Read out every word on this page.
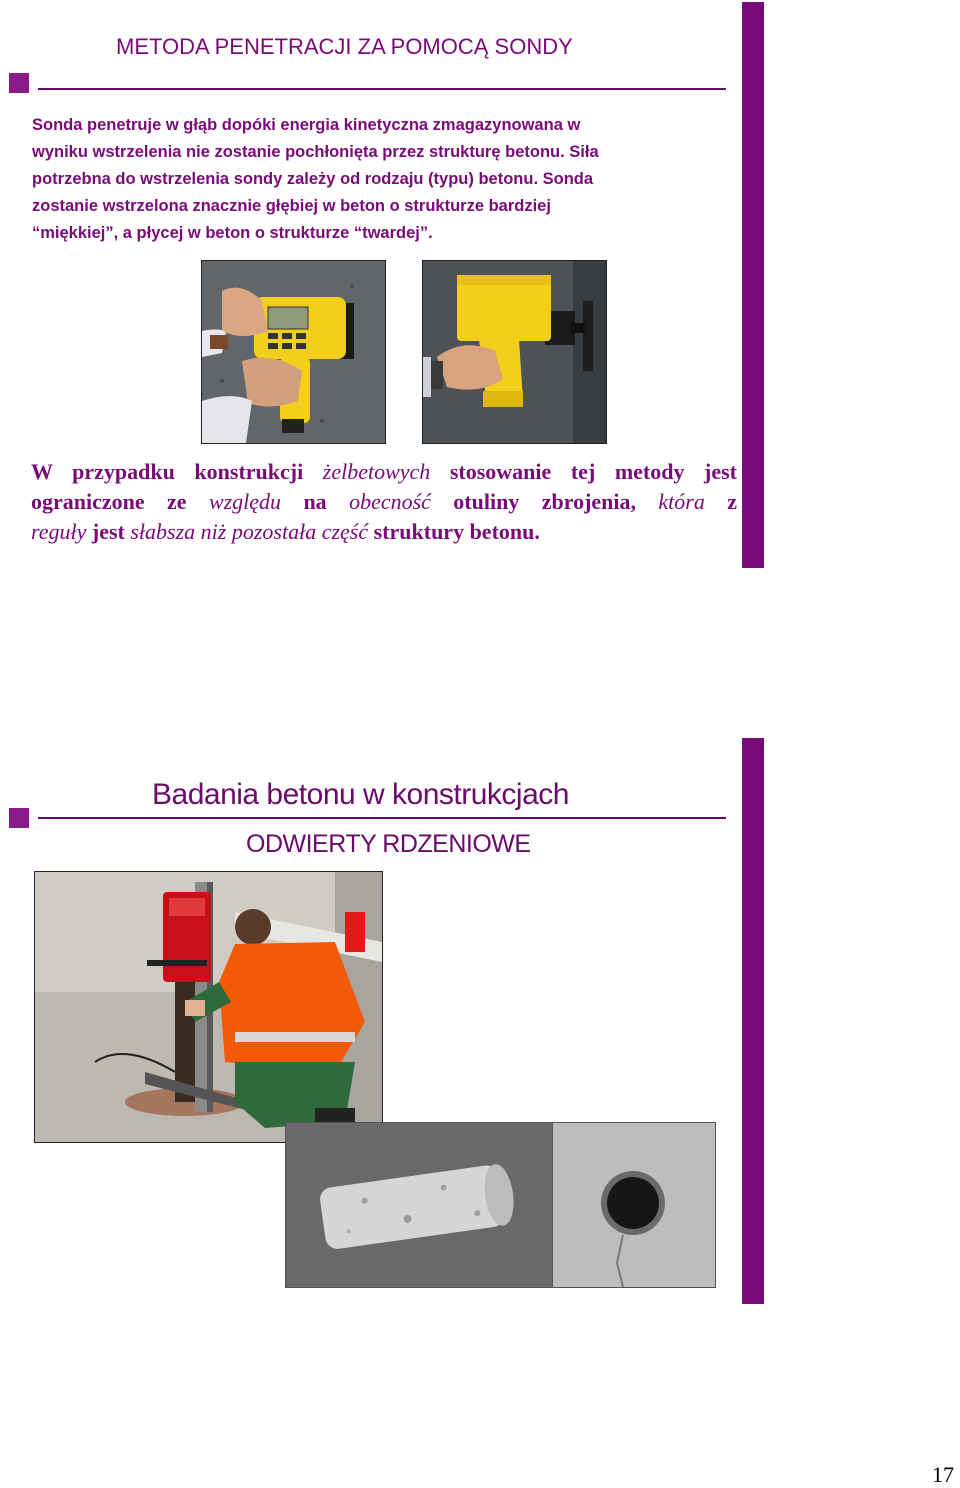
METODA PENETRACJI ZA POMOCĄ SONDY

Sonda penetruje w głąb dopóki energia kinetyczna zmagazynowana w

wyniku wstrzelenia nie zostanie pochłonięta przez strukturę betonu. Siła

potrzebna do wstrzelenia sondy zależy od rodzaju (typu) betonu. Sonda

zostanie wstrzelona znacznie głębiej w beton o strukturze bardziej

“miękkiej”, a płycej w beton o strukturze “twardej”.

W przypadku konstrukcji żelbetowych stosowanie tej metody jest

ograniczone ze względu na obecność otuliny zbrojenia, która z

reguły jest słabsza niż pozostała część struktury betonu.

Badania betonu w konstrukcjach
ODWIERTY RDZENIOWE
17
